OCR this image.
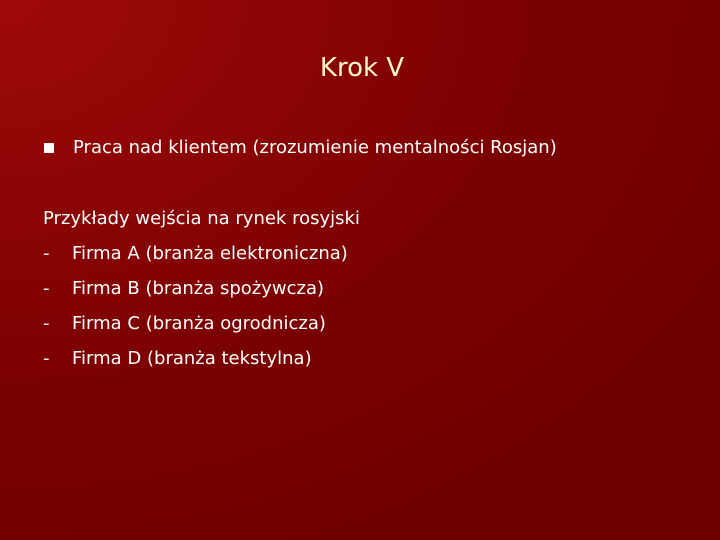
Krok V
Praca nad klientem (zrozumienie mentalności Rosjan)
Przykłady wejścia na rynek rosyjski
-	Firma A (branża elektroniczna)
-	Firma B (branża spożywcza)
-	Firma C (branża ogrodnicza)
-	Firma D (branża tekstylna)
